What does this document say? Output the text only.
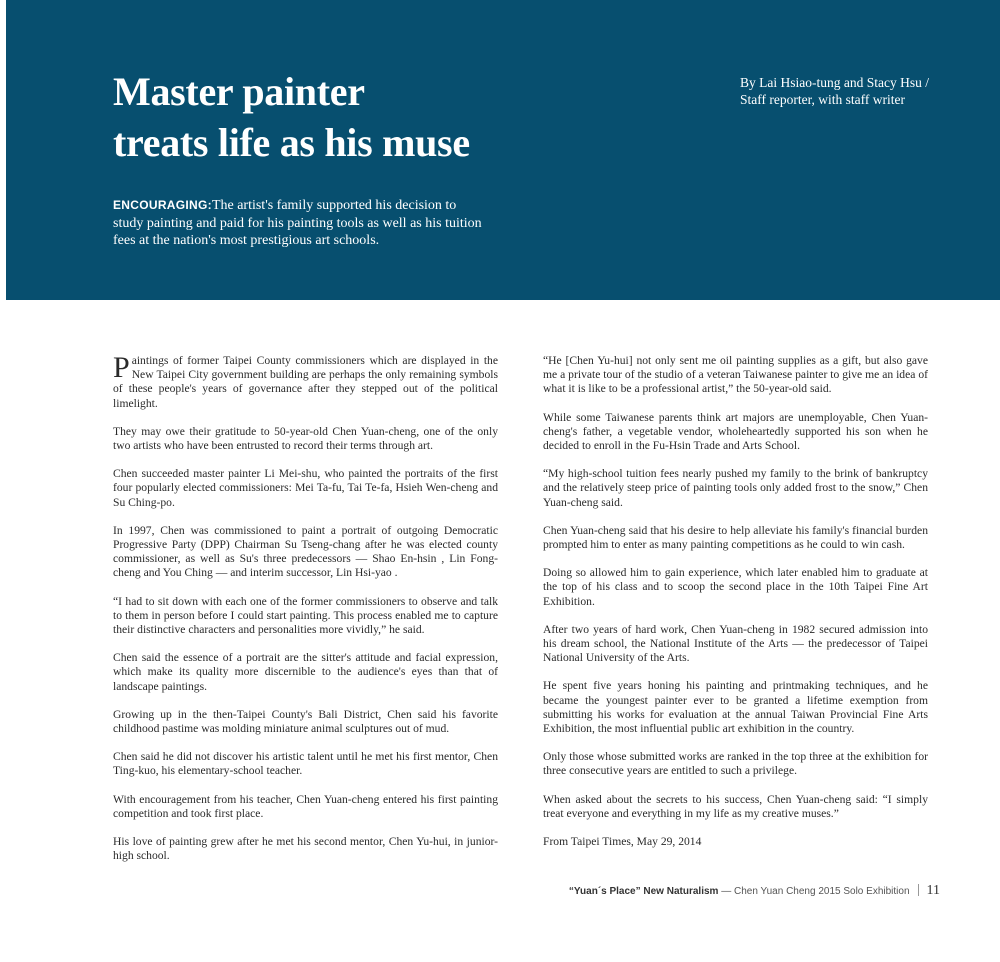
Master painter
treats life as his muse
By Lai Hsiao-tung and Stacy Hsu /
Staff reporter, with staff writer
ENCOURAGING:The artist's family supported his decision to study painting and paid for his painting tools as well as his tuition fees at the nation's most prestigious art schools.

Paintings of former Taipei County commissioners which are displayed in the New Taipei City government building are perhaps the only remaining symbols of these people's years of governance after they stepped out of the political limelight.

They may owe their gratitude to 50-year-old Chen Yuan-cheng, one of the only two artists who have been entrusted to record their terms through art.

Chen succeeded master painter Li Mei-shu, who painted the portraits of the first four popularly elected commissioners: Mei Ta-fu, Tai Te-fa, Hsieh Wen-cheng and Su Ching-po.

In 1997, Chen was commissioned to paint a portrait of outgoing Democratic Progressive Party (DPP) Chairman Su Tseng-chang after he was elected county commissioner, as well as Su's three predecessors — Shao En-hsin , Lin Fong-cheng and You Ching — and interim successor, Lin Hsi-yao .

“I had to sit down with each one of the former commissioners to observe and talk to them in person before I could start painting. This process enabled me to capture their distinctive characters and personalities more vividly,” he said.

Chen said the essence of a portrait are the sitter's attitude and facial expression, which make its quality more discernible to the audience's eyes than that of landscape paintings.

Growing up in the then-Taipei County's Bali District, Chen said his favorite childhood pastime was molding miniature animal sculptures out of mud.

Chen said he did not discover his artistic talent until he met his first mentor, Chen Ting-kuo, his elementary-school teacher.

With encouragement from his teacher, Chen Yuan-cheng entered his first painting competition and took first place.

His love of painting grew after he met his second mentor, Chen Yu-hui, in junior-high school.

“He [Chen Yu-hui] not only sent me oil painting supplies as a gift, but also gave me a private tour of the studio of a veteran Taiwanese painter to give me an idea of what it is like to be a professional artist,” the 50-year-old said.

While some Taiwanese parents think art majors are unemployable, Chen Yuan-cheng's father, a vegetable vendor, wholeheartedly supported his son when he decided to enroll in the Fu-Hsin Trade and Arts School.

“My high-school tuition fees nearly pushed my family to the brink of bankruptcy and the relatively steep price of painting tools only added frost to the snow,” Chen Yuan-cheng said.

Chen Yuan-cheng said that his desire to help alleviate his family's financial burden prompted him to enter as many painting competitions as he could to win cash.

Doing so allowed him to gain experience, which later enabled him to graduate at the top of his class and to scoop the second place in the 10th Taipei Fine Art Exhibition.

After two years of hard work, Chen Yuan-cheng in 1982 secured admission into his dream school, the National Institute of the Arts — the predecessor of Taipei National University of the Arts.

He spent five years honing his painting and printmaking techniques, and he became the youngest painter ever to be granted a lifetime exemption from submitting his works for evaluation at the annual Taiwan Provincial Fine Arts Exhibition, the most influential public art exhibition in the country.

Only those whose submitted works are ranked in the top three at the exhibition for three consecutive years are entitled to such a privilege.

When asked about the secrets to his success, Chen Yuan-cheng said: “I simply treat everyone and everything in my life as my creative muses.”

From Taipei Times, May 29, 2014

“Yuan´s Place” New Naturalism — Chen Yuan Cheng 2015 Solo Exhibition 11
